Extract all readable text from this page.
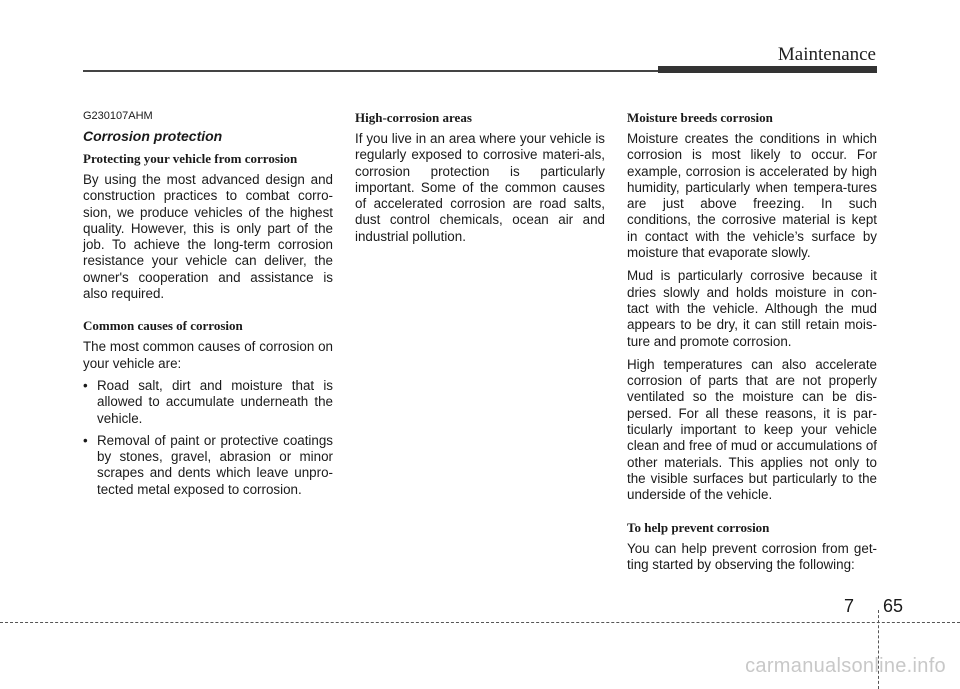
Maintenance
G230107AHM
Corrosion protection
Protecting your vehicle from corrosion

By using the most advanced design and construction practices to combat corro-sion, we produce vehicles of the highest quality. However, this is only part of the job. To achieve the long-term corrosion resistance your vehicle can deliver, the owner's cooperation and assistance is also required.

Common causes of corrosion

The most common causes of corrosion on your vehicle are:

• Road salt, dirt and moisture that is allowed to accumulate underneath the vehicle.
• Removal of paint or protective coatings by stones, gravel, abrasion or minor scrapes and dents which leave unpro-tected metal exposed to corrosion.
High-corrosion areas

If you live in an area where your vehicle is regularly exposed to corrosive materi-als, corrosion protection is particularly important. Some of the common causes of accelerated corrosion are road salts, dust control chemicals, ocean air and industrial pollution.

Moisture breeds corrosion

Moisture creates the conditions in which corrosion is most likely to occur. For example, corrosion is accelerated by high humidity, particularly when tempera-tures are just above freezing. In such conditions, the corrosive material is kept in contact with the vehicle’s surface by moisture that evaporate slowly.

Mud is particularly corrosive because it dries slowly and holds moisture in con-tact with the vehicle. Although the mud appears to be dry, it can still retain mois-ture and promote corrosion.

High temperatures can also accelerate corrosion of parts that are not properly ventilated so the moisture can be dis-persed. For all these reasons, it is par-ticularly important to keep your vehicle clean and free of mud or accumulations of other materials. This applies not only to the visible surfaces but particularly to the underside of the vehicle.

To help prevent corrosion

You can help prevent corrosion from get-ting started by observing the following:

7 65
carmanualsonline.info
